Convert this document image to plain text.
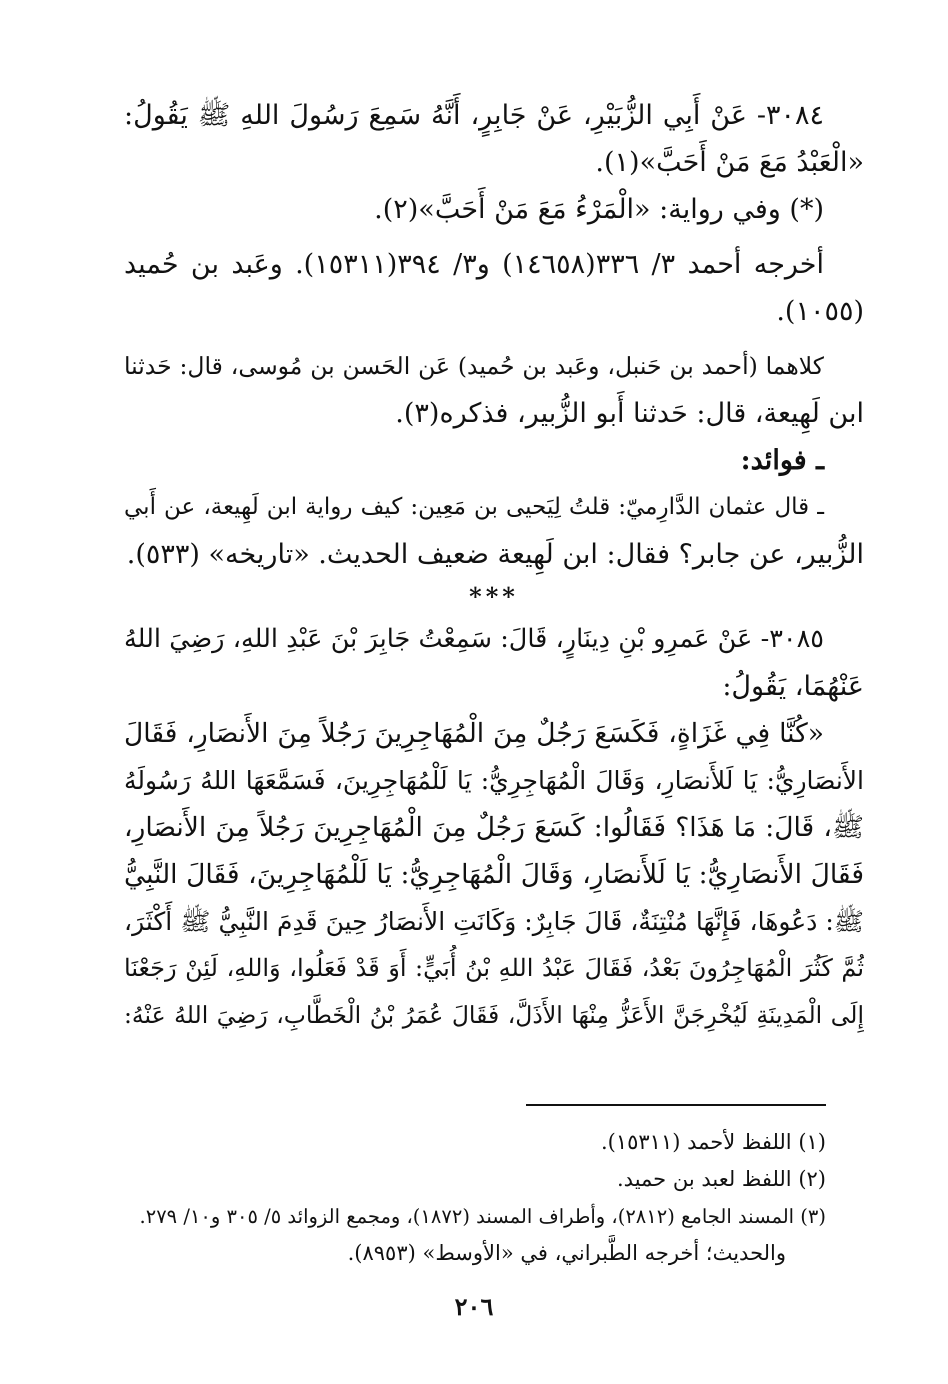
٣٠٨٤- عَنْ أَبِي الزُّبَيْرِ، عَنْ جَابِرٍ، أَنَّهُ سَمِعَ رَسُولَ اللهِ ﷺ يَقُولُ:
«الْعَبْدُ مَعَ مَنْ أَحَبَّ»(١).
(*) وفي رواية: «الْمَرْءُ مَعَ مَنْ أَحَبَّ»(٢).
أخرجه أحمد ٣/ ٣٣٦(١٤٦٥٨) و٣/ ٣٩٤(١٥٣١١). وعَبد بن حُميد
(١٠٥٥).
كلاهما (أحمد بن حَنبل، وعَبد بن حُميد) عَن الحَسن بن مُوسى، قال: حَدثنا
ابن لَهِيعة، قال: حَدثنا أَبو الزُّبير، فذكره(٣).
ـ فوائد:
ـ قال عثمان الدَّارِميّ: قلتُ لِيَحيى بن مَعِين: كيف رواية ابن لَهِيعة، عن أَبي
الزُّبير، عن جابر؟ فقال: ابن لَهِيعة ضعيف الحديث. «تاريخه» (٥٣٣).
***
٣٠٨٥- عَنْ عَمرِو بْنِ دِينَارٍ، قَالَ: سَمِعْتُ جَابِرَ بْنَ عَبْدِ اللهِ، رَضِيَ اللهُ
عَنْهُمَا، يَقُولُ:
«كُنَّا فِي غَزَاةٍ، فَكَسَعَ رَجُلٌ مِنَ الْمُهَاجِرِينَ رَجُلاً مِنَ الأَنصَارِ، فَقَالَ
الأَنصَارِيُّ: يَا لَلأَنصَارِ، وَقَالَ الْمُهَاجِرِيُّ: يَا لَلْمُهَاجِرِينَ، فَسَمَّعَهَا اللهُ رَسُولَهُ
ﷺ، قَالَ: مَا هَذَا؟ فَقَالُوا: كَسَعَ رَجُلٌ مِنَ الْمُهَاجِرِينَ رَجُلاً مِنَ الأَنصَارِ،
فَقَالَ الأَنصَارِيُّ: يَا لَلأَنصَارِ، وَقَالَ الْمُهَاجِرِيُّ: يَا لَلْمُهَاجِرِينَ، فَقَالَ النَّبِيُّ
ﷺ: دَعُوهَا، فَإِنَّهَا مُنْتِنَةٌ، قَالَ جَابِرٌ: وَكَانَتِ الأَنصَارُ حِينَ قَدِمَ النَّبِيُّ ﷺ أَكْثَرَ،
ثُمَّ كَثُرَ الْمُهَاجِرُونَ بَعْدُ، فَقَالَ عَبْدُ اللهِ بْنُ أُبَيٍّ: أَوَ قَدْ فَعَلُوا، وَاللهِ، لَئِنْ رَجَعْنَا
إِلَى الْمَدِينَةِ لَيُخْرِجَنَّ الأَعَزُّ مِنْهَا الأَذَلَّ، فَقَالَ عُمَرُ بْنُ الْخَطَّابِ، رَضِيَ اللهُ عَنْهُ:
(١) اللفظ لأحمد (١٥٣١١).
(٢) اللفظ لعبد بن حميد.
(٣) المسند الجامع (٢٨١٢)، وأطراف المسند (١٨٧٢)، ومجمع الزوائد ٥/ ٣٠٥ و١٠/ ٢٧٩.
والحديث؛ أخرجه الطَّبراني، في «الأوسط» (٨٩٥٣).
٢٠٦
